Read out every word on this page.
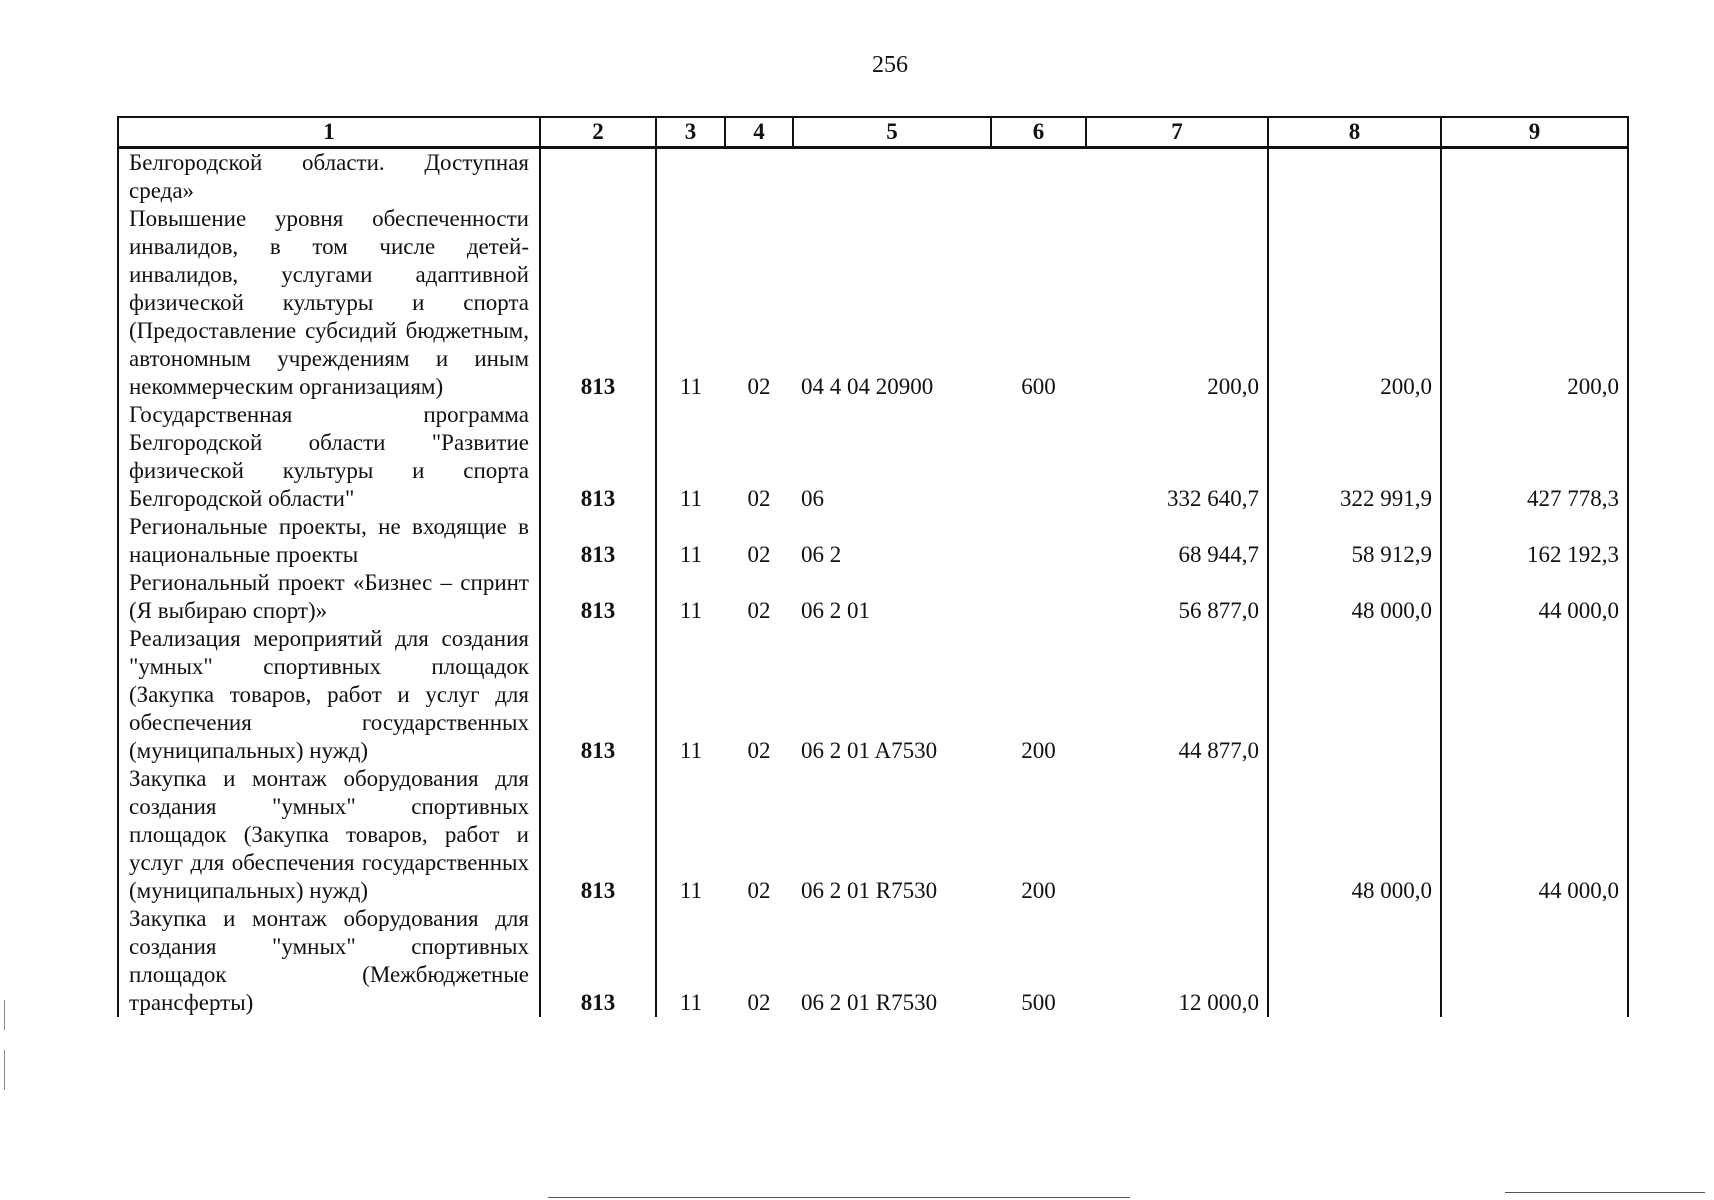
256
1	2	3	4	5	6	7	8	9
Белгородской области. Доступная среда»								
Повышение уровня обеспеченности инвалидов, в том числе детей-инвалидов, услугами адаптивной физической культуры и спорта (Предоставление субсидий бюджетным, автономным учреждениям и иным некоммерческим организациям)	813	11	02	04 4 04 20900	600	200,0	200,0	200,0
Государственная программа Белгородской области "Развитие физической культуры и спорта Белгородской области"	813	11	02	06		332 640,7	322 991,9	427 778,3
Региональные проекты, не входящие в национальные проекты	813	11	02	06 2		68 944,7	58 912,9	162 192,3
Региональный проект «Бизнес – спринт (Я выбираю спорт)»	813	11	02	06 2 01		56 877,0	48 000,0	44 000,0
Реализация мероприятий для создания "умных" спортивных площадок (Закупка товаров, работ и услуг для обеспечения государственных (муниципальных) нужд)	813	11	02	06 2 01 A7530	200	44 877,0		
Закупка и монтаж оборудования для создания "умных" спортивных площадок (Закупка товаров, работ и услуг для обеспечения государственных (муниципальных) нужд)	813	11	02	06 2 01 R7530	200		48 000,0	44 000,0
Закупка и монтаж оборудования для создания "умных" спортивных площадок (Межбюджетные трансферты)	813	11	02	06 2 01 R7530	500	12 000,0		
